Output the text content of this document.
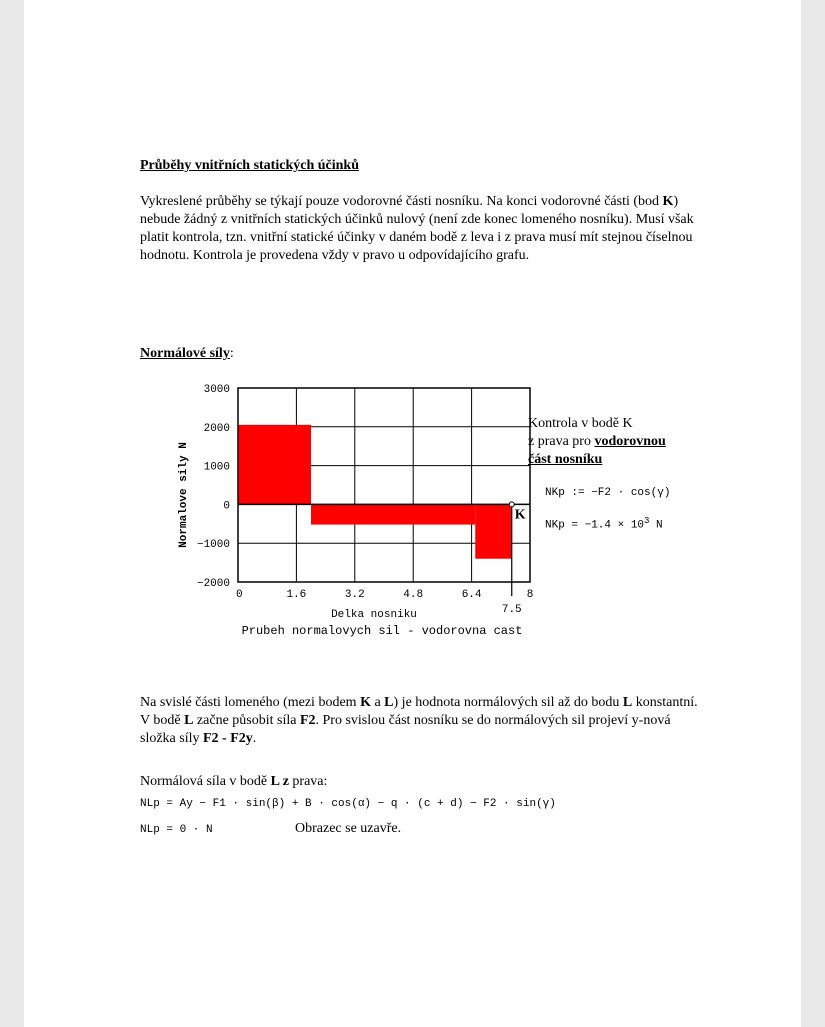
Průběhy vnitřních statických účinků

Vykreslené průběhy se týkají pouze vodorovné části nosníku. Na konci vodorovné části (bod K) nebude žádný z vnitřních statických účinků nulový (není zde konec lomeného nosníku). Musí však platit kontrola, tzn. vnitřní statické účinky v daném bodě z leva i z prava musí mít stejnou číselnou hodnotu. Kontrola je provedena vždy v pravo u odpovídajícího grafu.

Normálové síly:
3000
2000
1000
0
−1000
−2000
0	1.6	3.2	4.8	6.4	8
7.5
Normalove sily N
Delka nosniku
Prubeh normalovych sil - vodorovna cast
K
Kontrola v bodě K
z prava pro vodorovnou
část nosníku
NKp := −F2 · cos(γ)
NKp = $-1.4 \times 10^3$ N

Na svislé části lomeného (mezi bodem K a L) je hodnota normálových sil až do bodu L konstantní. V bodě L začne působit síla F2. Pro svislou část nosníku se do normálových sil projeví y-nová složka síly F2 - F2y.

Normálová síla v bodě L z prava:
NLp = Ay − F1 · sin(β) + B · cos(α) − q · (c + d) − F2 · sin(γ)
NLp = 0 · N	Obrazec se uzavře.
